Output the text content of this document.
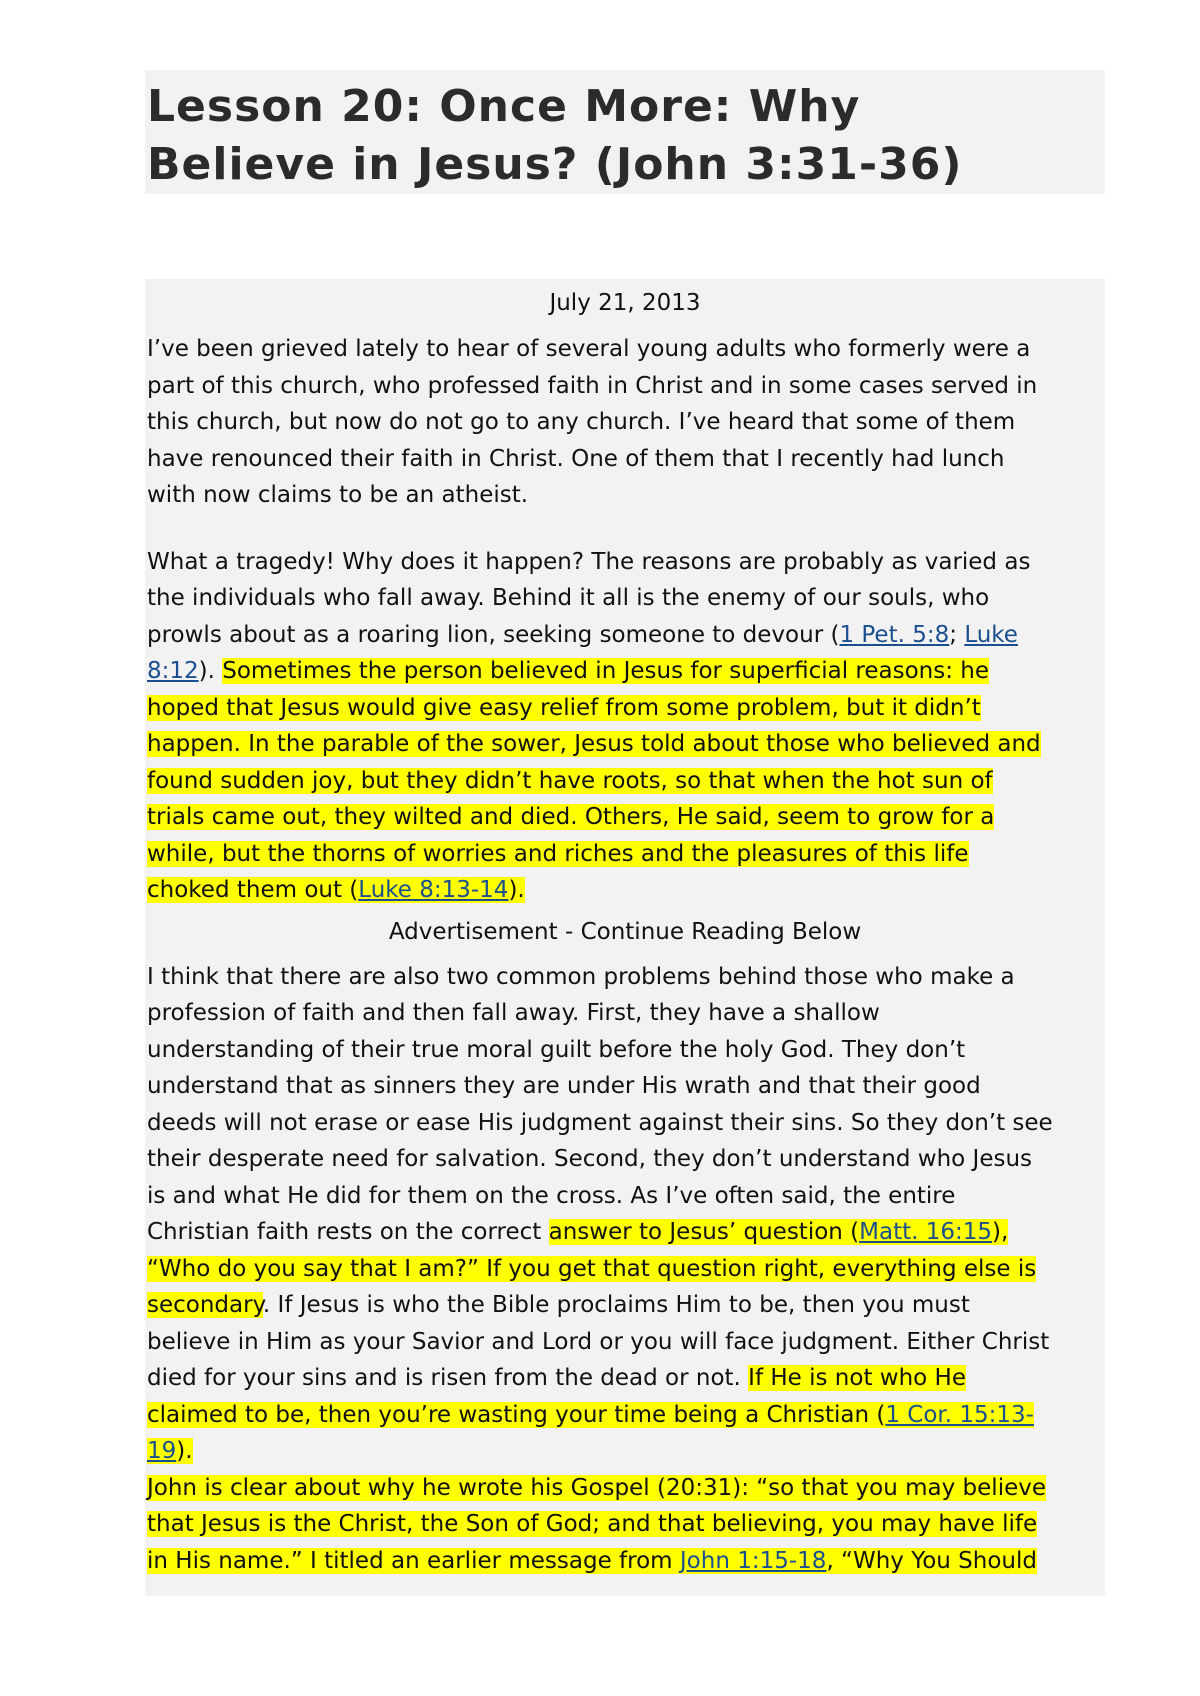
Lesson 20: Once More: Why
Believe in Jesus? (John 3:31-36)
July 21, 2013
I’ve been grieved lately to hear of several young adults who formerly were a
part of this church, who professed faith in Christ and in some cases served in
this church, but now do not go to any church. I’ve heard that some of them
have renounced their faith in Christ. One of them that I recently had lunch
with now claims to be an atheist.
What a tragedy! Why does it happen? The reasons are probably as varied as
the individuals who fall away. Behind it all is the enemy of our souls, who
prowls about as a roaring lion, seeking someone to devour (1 Pet. 5:8; Luke
8:12). Sometimes the person believed in Jesus for superficial reasons: he
hoped that Jesus would give easy relief from some problem, but it didn’t
happen. In the parable of the sower, Jesus told about those who believed and
found sudden joy, but they didn’t have roots, so that when the hot sun of
trials came out, they wilted and died. Others, He said, seem to grow for a
while, but the thorns of worries and riches and the pleasures of this life
choked them out (Luke 8:13-14).
Advertisement - Continue Reading Below
I think that there are also two common problems behind those who make a
profession of faith and then fall away. First, they have a shallow
understanding of their true moral guilt before the holy God. They don’t
understand that as sinners they are under His wrath and that their good
deeds will not erase or ease His judgment against their sins. So they don’t see
their desperate need for salvation. Second, they don’t understand who Jesus
is and what He did for them on the cross. As I’ve often said, the entire
Christian faith rests on the correct answer to Jesus’ question (Matt. 16:15),
“Who do you say that I am?” If you get that question right, everything else is
secondary. If Jesus is who the Bible proclaims Him to be, then you must
believe in Him as your Savior and Lord or you will face judgment. Either Christ
died for your sins and is risen from the dead or not. If He is not who He
claimed to be, then you’re wasting your time being a Christian (1 Cor. 15:13-
19).
John is clear about why he wrote his Gospel (20:31): “so that you may believe
that Jesus is the Christ, the Son of God; and that believing, you may have life
in His name.” I titled an earlier message from John 1:15-18, “Why You Should
